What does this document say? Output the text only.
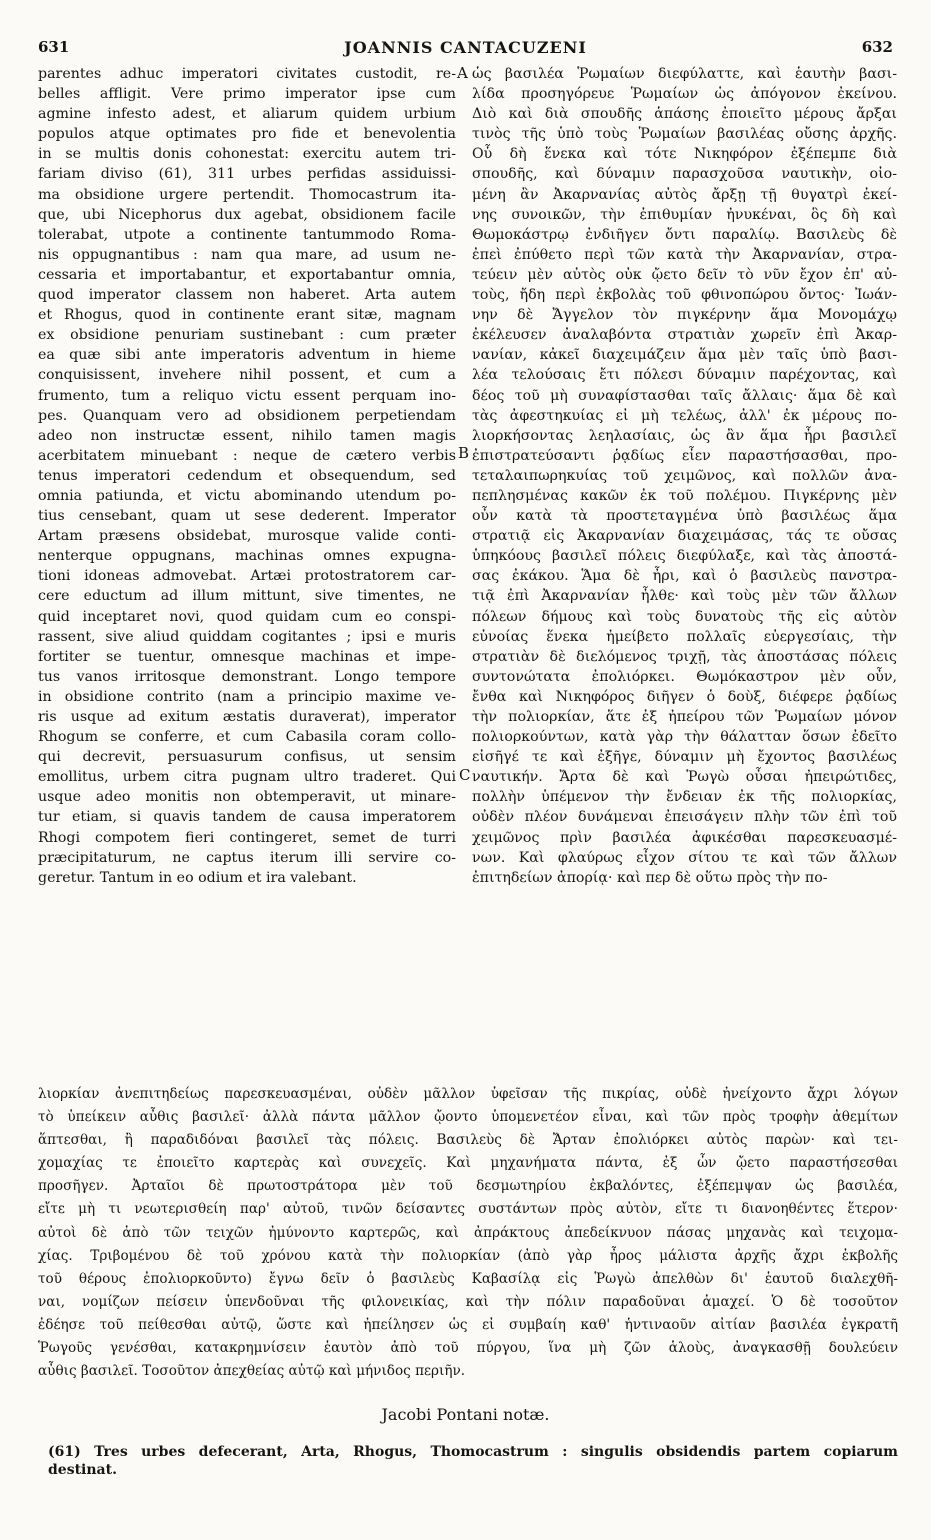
631	JOANNIS CANTACUZENI	632
parentes adhuc imperatori civitates custodit, re-
belles affligit. Vere primo imperator ipse cum
agmine infesto adest, et aliarum quidem urbium
populos atque optimates pro fide et benevolentia
in se multis donis cohonestat: exercitu autem tri-
fariam diviso (61), 311 urbes perfidas assiduissi-
ma obsidione urgere pertendit. Thomocastrum ita-
que, ubi Nicephorus dux agebat, obsidionem facile
tolerabat, utpote a continente tantummodo Roma-
nis oppugnantibus : nam qua mare, ad usum ne-
cessaria et importabantur, et exportabantur omnia,
quod imperator classem non haberet. Arta autem
et Rhogus, quod in continente erant sitæ, magnam
ex obsidione penuriam sustinebant : cum præter
ea quæ sibi ante imperatoris adventum in hieme
conquisissent, invehere nihil possent, et cum a
frumento, tum a reliquo victu essent perquam ino-
pes. Quanquam vero ad obsidionem perpetiendam
adeo non instructæ essent, nihilo tamen magis
acerbitatem minuebant : neque de cætero verbis
tenus imperatori cedendum et obsequendum, sed
omnia patiunda, et victu abominando utendum po-
tius censebant, quam ut sese dederent. Imperator
Artam præsens obsidebat, murosque valide conti-
nenterque oppugnans, machinas omnes expugna-
tioni idoneas admovebat. Artæi protostratorem car-
cere eductum ad illum mittunt, sive timentes, ne
quid inceptaret novi, quod quidam cum eo conspi-
rassent, sive aliud quiddam cogitantes ; ipsi e muris
fortiter se tuentur, omnesque machinas et impe-
tus vanos irritosque demonstrant. Longo tempore
in obsidione contrito (nam a principio maxime ve-
ris usque ad exitum æstatis duraverat), imperator
Rhogum se conferre, et cum Cabasila coram collo-
qui decrevit, persuasurum confisus, ut sensim
emollitus, urbem citra pugnam ultro traderet. Qui
usque adeo monitis non obtemperavit, ut minare-
tur etiam, si quavis tandem de causa imperatorem
Rhogi compotem fieri contingeret, semet de turri
præcipitaturum, ne captus iterum illi servire co-
geretur. Tantum in eo odium et ira valebant.
ὡς βασιλέα Ῥωμαίων διεφύλαττε, καὶ ἑαυτὴν βασι-
λίδα προσηγόρευε Ῥωμαίων ὡς ἀπόγονον ἐκείνου.
Διὸ καὶ διὰ σπουδῆς ἁπάσης ἐποιεῖτο μέρους ἄρξαι
τινὸς τῆς ὑπὸ τοὺς Ῥωμαίων βασιλέας οὔσης ἀρχῆς.
Οὗ δὴ ἕνεκα καὶ τότε Νικηφόρον ἐξέπεμπε διὰ
σπουδῆς, καὶ δύναμιν παρασχοῦσα ναυτικὴν, οἰο-
μένη ἂν Ἀκαρνανίας αὐτὸς ἄρξῃ τῇ θυγατρὶ ἐκεί-
νης συνοικῶν, τὴν ἐπιθυμίαν ἠνυκέναι, ὃς δὴ καὶ
Θωμοκάστρῳ ἐνδιῆγεν ὄντι παραλίῳ. Βασιλεὺς δὲ
ἐπεὶ ἐπύθετο περὶ τῶν κατὰ τὴν Ἀκαρνανίαν, στρα-
τεύειν μὲν αὐτὸς οὐκ ᾤετο δεῖν τὸ νῦν ἔχον ἐπ' αὐ-
τοὺς, ἤδη περὶ ἐκβολὰς τοῦ φθινοπώρου ὄντος· Ἰωάν-
νην δὲ Ἄγγελον τὸν πιγκέρνην ἅμα Μονομάχῳ
ἐκέλευσεν ἀναλαβόντα στρατιὰν χωρεῖν ἐπὶ Ἀκαρ-
νανίαν, κἀκεῖ διαχειμάζειν ἅμα μὲν ταῖς ὑπὸ βασι-
λέα τελούσαις ἔτι πόλεσι δύναμιν παρέχοντας, καὶ
δέος τοῦ μὴ συναφίστασθαι ταῖς ἄλλαις· ἅμα δὲ καὶ
τὰς ἀφεστηκυίας εἰ μὴ τελέως, ἀλλ' ἐκ μέρους πο-
λιορκήσοντας λεηλασίαις, ὡς ἂν ἅμα ἦρι βασιλεῖ
ἐπιστρατεύσαντι ῥᾳδίως εἶεν παραστήσασθαι, προ-
τεταλαιπωρηκυίας τοῦ χειμῶνος, καὶ πολλῶν ἀνα-
πεπλησμένας κακῶν ἐκ τοῦ πολέμου. Πιγκέρνης μὲν
οὖν κατὰ τὰ προστεταγμένα ὑπὸ βασιλέως ἅμα
στρατιᾷ εἰς Ἀκαρνανίαν διαχειμάσας, τάς τε οὔσας
ὑπηκόους βασιλεῖ πόλεις διεφύλαξε, καὶ τὰς ἀποστά-
σας ἐκάκου. Ἅμα δὲ ἦρι, καὶ ὁ βασιλεὺς πανστρα-
τιᾷ ἐπὶ Ἀκαρνανίαν ἦλθε· καὶ τοὺς μὲν τῶν ἄλλων
πόλεων δήμους καὶ τοὺς δυνατοὺς τῆς εἰς αὐτὸν
εὐνοίας ἕνεκα ἠμείβετο πολλαῖς εὐεργεσίαις, τὴν
στρατιὰν δὲ διελόμενος τριχῇ, τὰς ἀποστάσας πόλεις
συντονώτατα ἐπολιόρκει. Θωμόκαστρον μὲν οὖν,
ἔνθα καὶ Νικηφόρος διῆγεν ὁ δοὺξ, διέφερε ῥᾳδίως
τὴν πολιορκίαν, ἅτε ἐξ ἠπείρου τῶν Ῥωμαίων μόνον
πολιορκούντων, κατὰ γὰρ τὴν θάλατταν ὅσων ἐδεῖτο
εἰσῆγέ τε καὶ ἐξῆγε, δύναμιν μὴ ἔχοντος βασιλέως
ναυτικήν. Ἄρτα δὲ καὶ Ῥωγὼ οὖσαι ἠπειρώτιδες,
πολλὴν ὑπέμενον τὴν ἔνδειαν ἐκ τῆς πολιορκίας,
οὐδὲν πλέον δυνάμεναι ἐπεισάγειν πλὴν τῶν ἐπὶ τοῦ
χειμῶνος πρὶν βασιλέα ἀφικέσθαι παρεσκευασμέ-
νων. Καὶ φλαύρως εἶχον σίτου τε καὶ τῶν ἄλλων
ἐπιτηδείων ἀπορίᾳ· καὶ περ δὲ οὕτω πρὸς τὴν πο-
A
B
C
λιορκίαν ἀνεπιτηδείως παρεσκευασμέναι, οὐδὲν μᾶλλον ὑφεῖσαν τῆς πικρίας, οὐδὲ ἠνείχοντο ἄχρι λόγων
τὸ ὑπείκειν αὖθις βασιλεῖ· ἀλλὰ πάντα μᾶλλον ᾤοντο ὑπομενετέον εἶναι, καὶ τῶν πρὸς τροφὴν ἀθεμίτων
ἅπτεσθαι, ἢ παραδιδόναι βασιλεῖ τὰς πόλεις. Βασιλεὺς δὲ Ἄρταν ἐπολιόρκει αὐτὸς παρὼν· καὶ τει-
χομαχίας τε ἐποιεῖτο καρτερὰς καὶ συνεχεῖς. Καὶ μηχανήματα πάντα, ἐξ ὧν ᾤετο παραστήσεσθαι
προσῆγεν. Ἀρταῖοι δὲ πρωτοστράτορα μὲν τοῦ δεσμωτηρίου ἐκβαλόντες, ἐξέπεμψαν ὡς βασιλέα,
εἴτε μὴ τι νεωτερισθείη παρ' αὐτοῦ, τινῶν δείσαντες συστάντων πρὸς αὐτὸν, εἴτε τι διανοηθέντες ἕτερον·
αὐτοὶ δὲ ἀπὸ τῶν τειχῶν ἠμύνοντο καρτερῶς, καὶ ἀπράκτους ἀπεδείκνυον πάσας μηχανὰς καὶ τειχομα-
χίας. Τριβομένου δὲ τοῦ χρόνου κατὰ τὴν πολιορκίαν (ἀπὸ γὰρ ἦρος μάλιστα ἀρχῆς ἄχρι ἐκβολῆς
τοῦ θέρους ἐπολιορκοῦντο) ἔγνω δεῖν ὁ βασιλεὺς Καβασίλᾳ εἰς Ῥωγὼ ἀπελθὼν δι' ἑαυτοῦ διαλεχθῆ-
ναι, νομίζων πείσειν ὑπενδοῦναι τῆς φιλονεικίας, καὶ τὴν πόλιν παραδοῦναι ἀμαχεί. Ὁ δὲ τοσοῦτον
ἐδέησε τοῦ πείθεσθαι αὐτῷ, ὥστε καὶ ἠπείλησεν ὡς εἰ συμβαίη καθ' ἡντιναοῦν αἰτίαν βασιλέα ἐγκρατῆ
Ῥωγοῦς γενέσθαι, κατακρημνίσειν ἑαυτὸν ἀπὸ τοῦ πύργου, ἵνα μὴ ζῶν ἁλοὺς, ἀναγκασθῇ δουλεύειν
αὖθις βασιλεῖ. Τοσοῦτον ἀπεχθείας αὐτῷ καὶ μήνιδος περιῆν.
Jacobi Pontani notæ.
(61) Tres urbes defecerant, Arta, Rhogus, Thomocastrum : singulis obsidendis partem copiarum
destinat.
